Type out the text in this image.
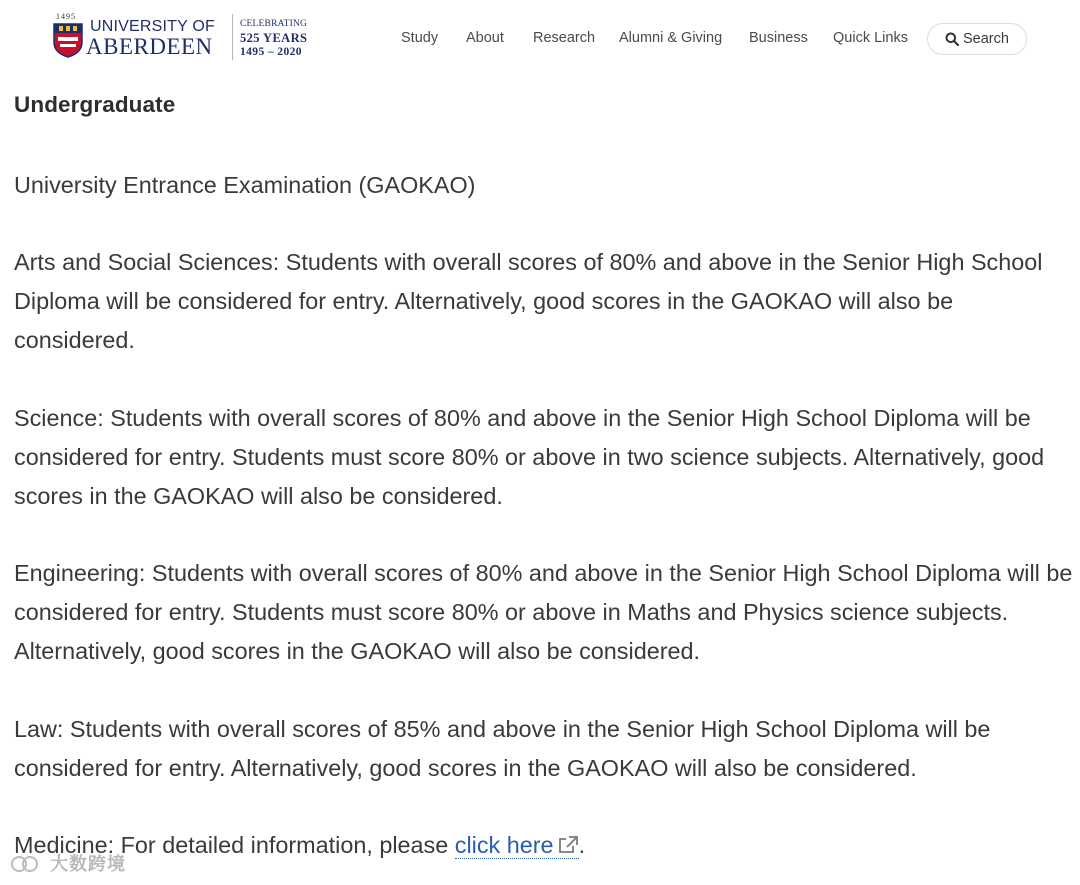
1495
UNIVERSITY OF
ABERDEEN
CELEBRATING
525 YEARS
1495 – 2020
Study About Research Alumni & Giving Business Quick Links	Search
Undergraduate

University Entrance Examination (GAOKAO)

Arts and Social Sciences: Students with overall scores of 80% and above in the Senior High School Diploma will be considered for entry. Alternatively, good scores in the GAOKAO will also be considered.

Science: Students with overall scores of 80% and above in the Senior High School Diploma will be considered for entry. Students must score 80% or above in two science subjects. Alternatively, good scores in the GAOKAO will also be considered.

Engineering: Students with overall scores of 80% and above in the Senior High School Diploma will be considered for entry. Students must score 80% or above in Maths and Physics science subjects. Alternatively, good scores in the GAOKAO will also be considered.

Law: Students with overall scores of 85% and above in the Senior High School Diploma will be considered for entry. Alternatively, good scores in the GAOKAO will also be considered.

Medicine: For detailed information, please click here .

大数跨境
